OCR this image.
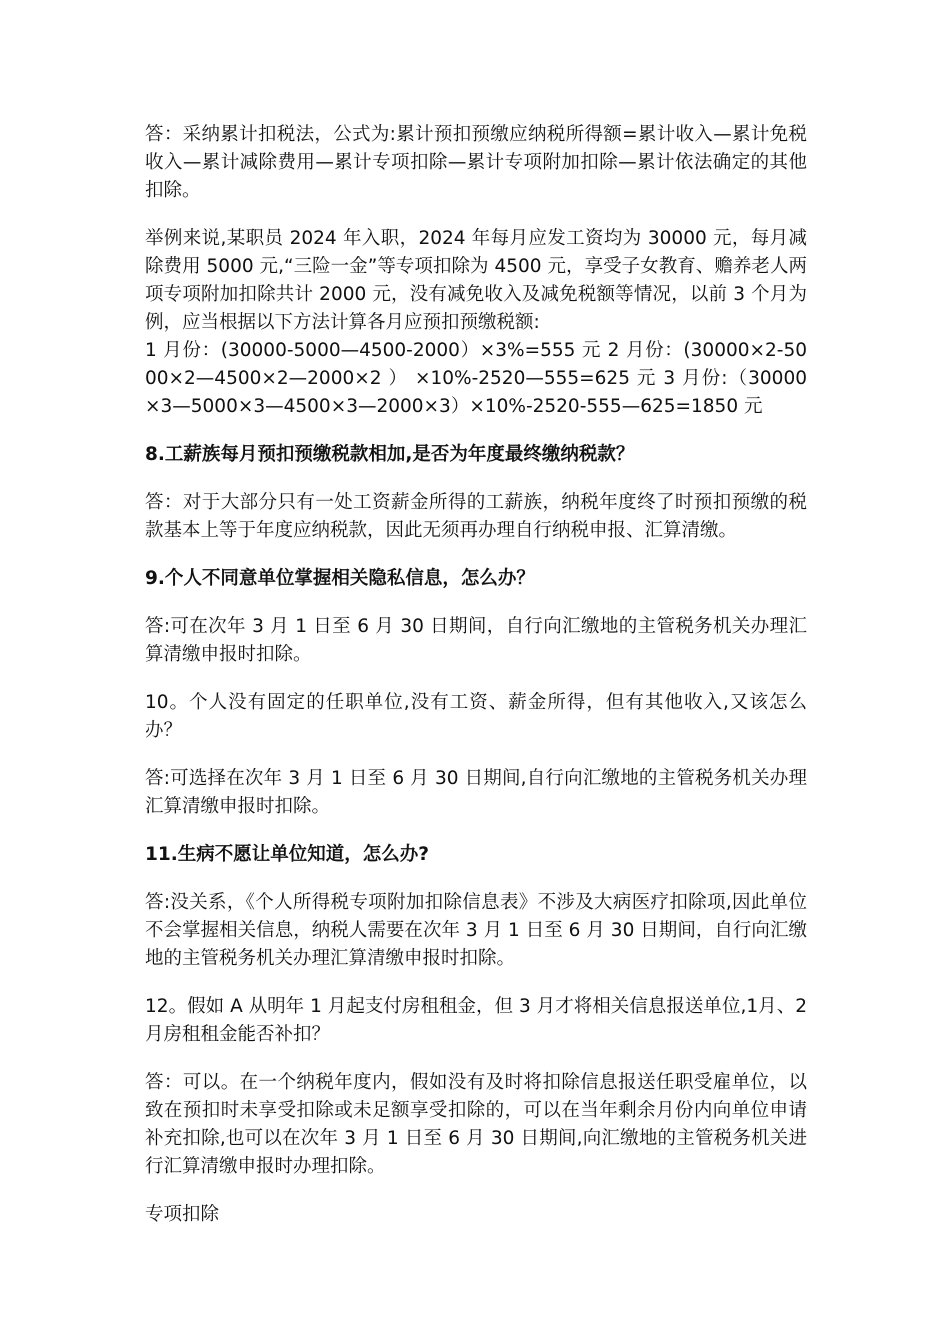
答：采纳累计扣税法，公式为:累计预扣预缴应纳税所得额=累计收入—累计免税收入—累计减除费用—累计专项扣除—累计专项附加扣除—累计依法确定的其他扣除。

举例来说,某职员 2024 年入职，2024 年每月应发工资均为 30000 元，每月减除费用 5000 元,“三险一金”等专项扣除为 4500 元，享受子女教育、赡养老人两项专项附加扣除共计 2000 元，没有减免收入及减免税额等情况，以前 3 个月为例，应当根据以下方法计算各月应预扣预缴税额:

1 月份：(30000-5000—4500-2000）×3%=555 元 2 月份：(30000×2-5000×2—4500×2—2000×2 ） ×10%-2520—555=625 元 3 月份:（30000×3—5000×3—4500×3—2000×3）×10%-2520-555—625=1850 元

8.工薪族每月预扣预缴税款相加,是否为年度最终缴纳税款？

答：对于大部分只有一处工资薪金所得的工薪族，纳税年度终了时预扣预缴的税款基本上等于年度应纳税款，因此无须再办理自行纳税申报、汇算清缴。

9.个人不同意单位掌握相关隐私信息，怎么办？

答:可在次年 3 月 1 日至 6 月 30 日期间，自行向汇缴地的主管税务机关办理汇算清缴申报时扣除。

10。个人没有固定的任职单位,没有工资、薪金所得，但有其他收入,又该怎么办？

答:可选择在次年 3 月 1 日至 6 月 30 日期间,自行向汇缴地的主管税务机关办理汇算清缴申报时扣除。

11.生病不愿让单位知道，怎么办?

答:没关系，《个人所得税专项附加扣除信息表》不涉及大病医疗扣除项,因此单位不会掌握相关信息，纳税人需要在次年 3 月 1 日至 6 月 30 日期间，自行向汇缴地的主管税务机关办理汇算清缴申报时扣除。

12。假如 A 从明年 1 月起支付房租租金，但 3 月才将相关信息报送单位,1月、2 月房租租金能否补扣？

答：可以。在一个纳税年度内，假如没有及时将扣除信息报送任职受雇单位，以致在预扣时未享受扣除或未足额享受扣除的，可以在当年剩余月份内向单位申请补充扣除,也可以在次年 3 月 1 日至 6 月 30 日期间,向汇缴地的主管税务机关进行汇算清缴申报时办理扣除。

专项扣除
